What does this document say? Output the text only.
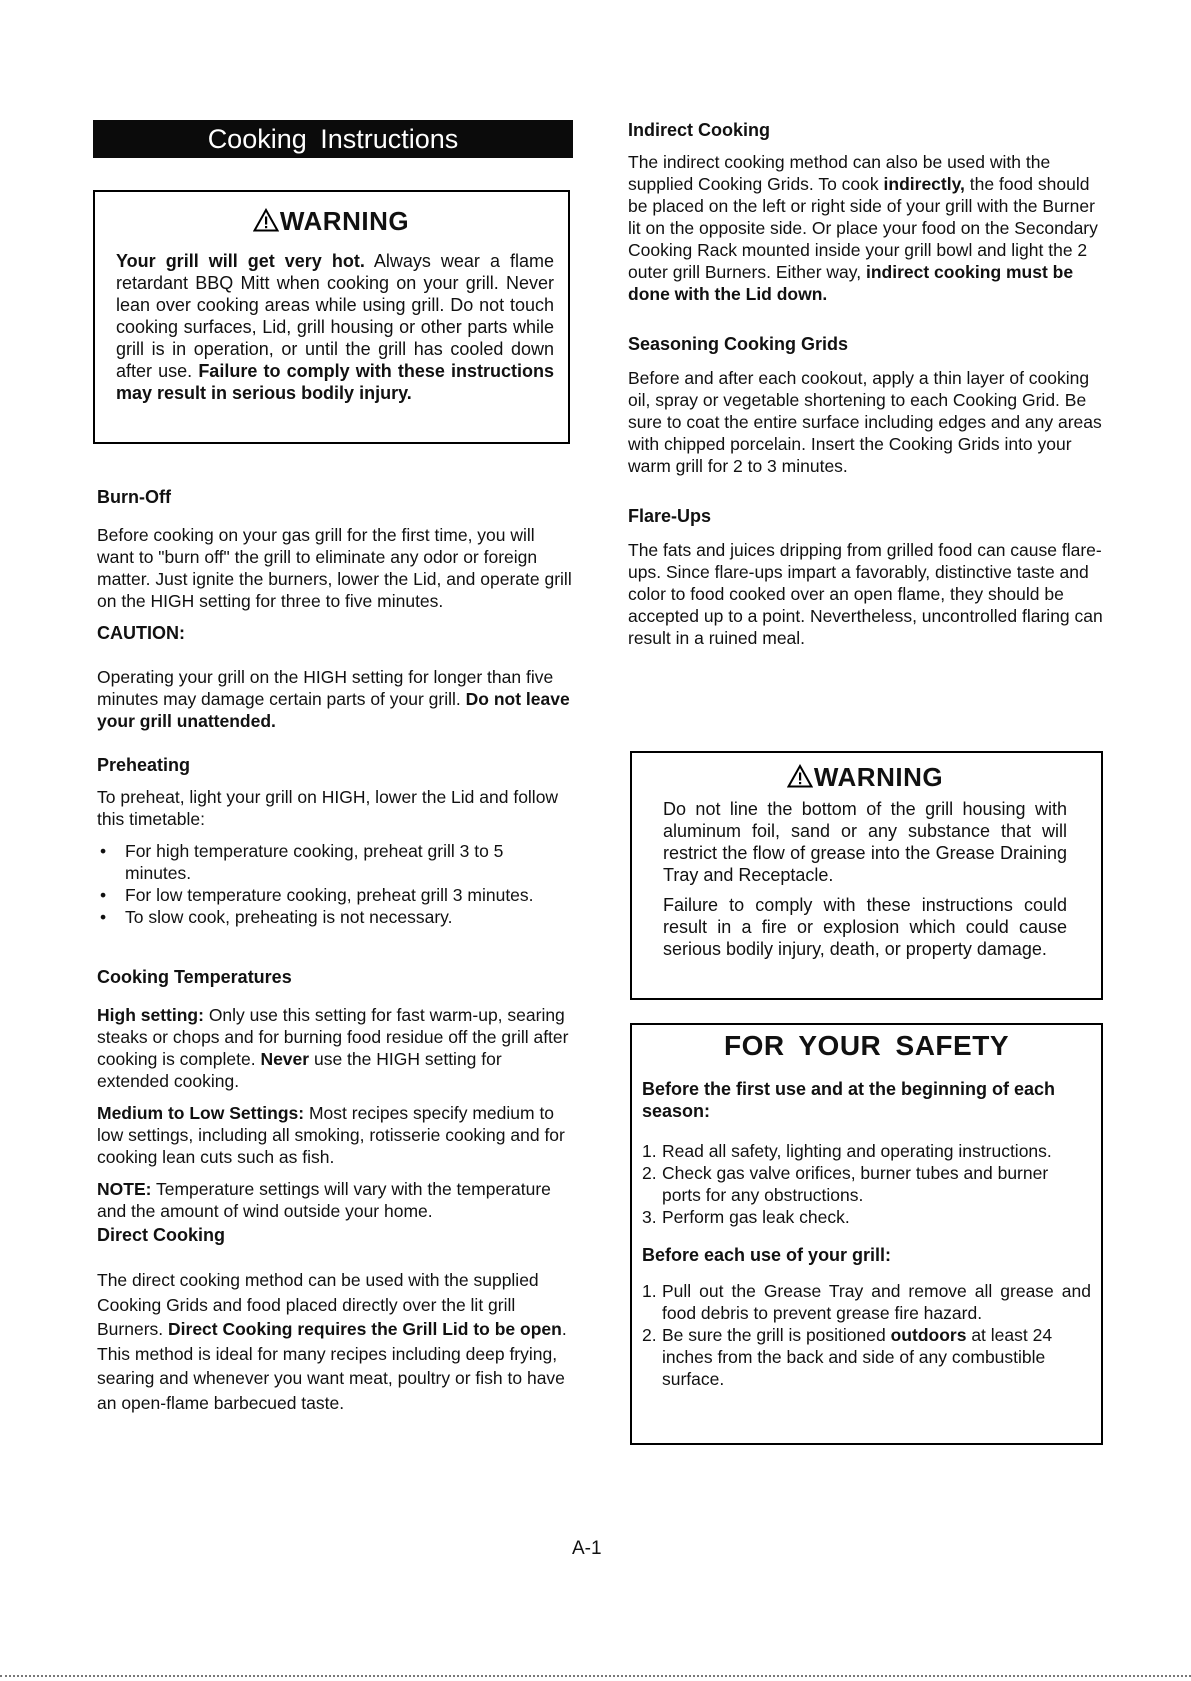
Cooking Instructions
WARNING

Your grill will get very hot. Always wear a flame retardant BBQ Mitt when cooking on your grill. Never lean over cooking areas while using grill. Do not touch cooking surfaces, Lid, grill housing or other parts while grill is in operation, or until the grill has cooled down after use. Failure to comply with these instructions may result in serious bodily injury.

Burn-Off

Before cooking on your gas grill for the first time, you will want to "burn off" the grill to eliminate any odor or foreign matter. Just ignite the burners, lower the Lid, and operate grill on the HIGH setting for three to five minutes.

CAUTION:

Operating your grill on the HIGH setting for longer than five minutes may damage certain parts of your grill. Do not leave your grill unattended.

Preheating

To preheat, light your grill on HIGH, lower the Lid and follow this timetable:

• For high temperature cooking, preheat grill 3 to 5 minutes.
• For low temperature cooking, preheat grill 3 minutes.
• To slow cook, preheating is not necessary.
Cooking Temperatures

High setting: Only use this setting for fast warm-up, searing steaks or chops and for burning food residue off the grill after cooking is complete. Never use the HIGH setting for extended cooking.

Medium to Low Settings: Most recipes specify medium to low settings, including all smoking, rotisserie cooking and for cooking lean cuts such as fish.

NOTE: Temperature settings will vary with the temperature and the amount of wind outside your home.

Direct Cooking

The direct cooking method can be used with the supplied Cooking Grids and food placed directly over the lit grill Burners. Direct Cooking requires the Grill Lid to be open. This method is ideal for many recipes including deep frying, searing and whenever you want meat, poultry or fish to have an open-flame barbecued taste.

Indirect Cooking

The indirect cooking method can also be used with the supplied Cooking Grids. To cook indirectly, the food should be placed on the left or right side of your grill with the Burner lit on the opposite side. Or place your food on the Secondary Cooking Rack mounted inside your grill bowl and light the 2 outer grill Burners. Either way, indirect cooking must be done with the Lid down.

Seasoning Cooking Grids

Before and after each cookout, apply a thin layer of cooking oil, spray or vegetable shortening to each Cooking Grid. Be sure to coat the entire surface including edges and any areas with chipped porcelain. Insert the Cooking Grids into your warm grill for 2 to 3 minutes.

Flare-Ups

The fats and juices dripping from grilled food can cause flare-ups. Since flare-ups impart a favorably, distinctive taste and color to food cooked over an open flame, they should be accepted up to a point. Nevertheless, uncontrolled flaring can result in a ruined meal.

WARNING

Do not line the bottom of the grill housing with aluminum foil, sand or any substance that will restrict the flow of grease into the Grease Draining Tray and Receptacle.

Failure to comply with these instructions could result in a fire or explosion which could cause serious bodily injury, death, or property damage.

FOR YOUR SAFETY
Before the first use and at the beginning of each season:
1. Read all safety, lighting and operating instructions.
2. Check gas valve orifices, burner tubes and burner ports for any obstructions.
3. Perform gas leak check.
Before each use of your grill:
1. Pull out the Grease Tray and remove all grease and food debris to prevent grease fire hazard.
2. Be sure the grill is positioned outdoors at least 24 inches from the back and side of any combustible surface.
A-1
